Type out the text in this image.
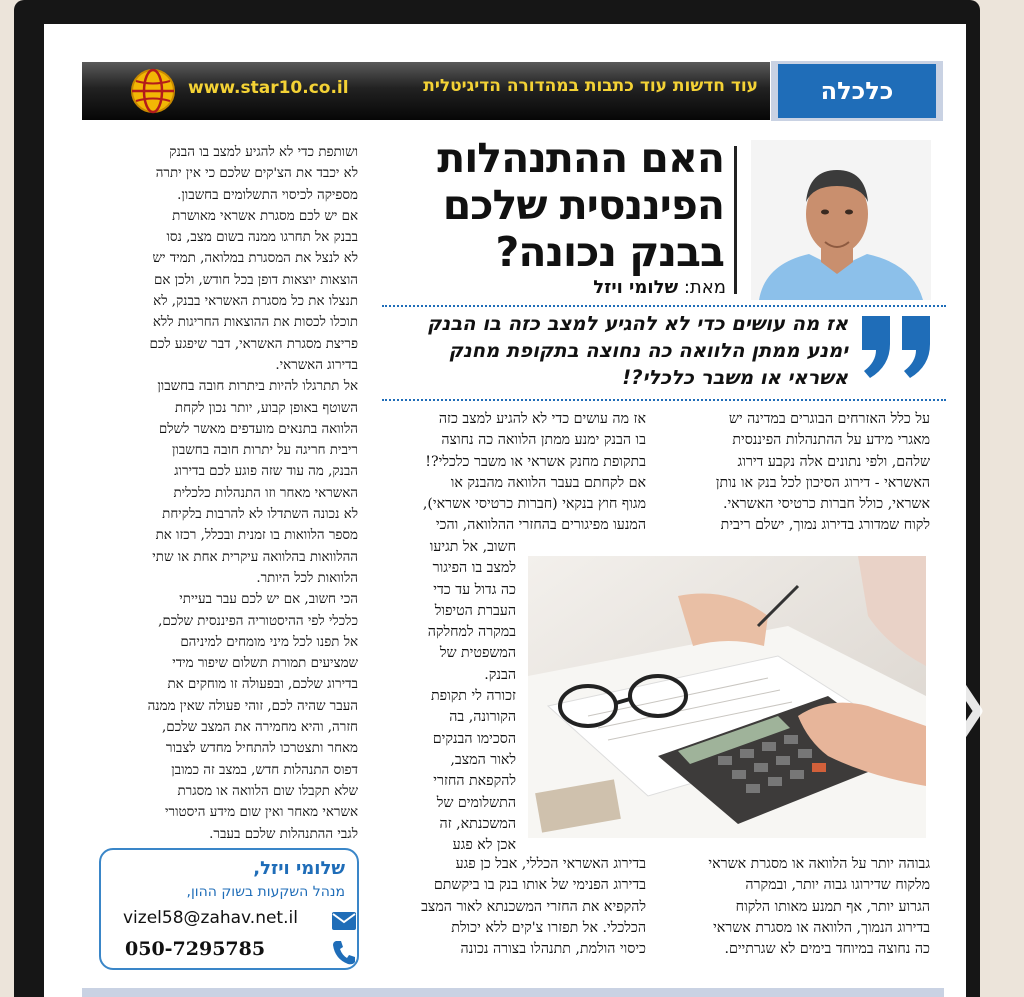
כלכלה
עוד חדשות עוד כתבות במהדורה הדיגיטלית
www.star10.co.il
האם ההתנהלות
הפיננסית שלכם
בבנק נכונה?
מאת: שלומי ויזל
אז מה עושים כדי לא להגיע למצב כזה בו הבנק
ימנע ממתן הלוואה כה נחוצה בתקופת מחנק
אשראי או משבר כלכלי?!
על כלל האזרחים הבוגרים במדינה יש
מאגרי מידע על ההתנהלות הפיננסית
שלהם, ולפי נתונים אלה נקבע דירוג
האשראי - דירוג הסיכון לכל בנק או נותן
אשראי, כולל חברות כרטיסי האשראי.
לקוח שמדורג בדירוג נמוך, ישלם ריבית
אז מה עושים כדי לא להגיע למצב כזה
בו הבנק ימנע ממתן הלוואה כה נחוצה
בתקופת מחנק אשראי או משבר כלכלי?!
אם לקחתם בעבר הלוואה מהבנק או
מגוף חוץ בנקאי (חברות כרטיסי אשראי),
המנעו מפיגורים בהחזרי ההלוואה, והכי
חשוב, אל תגיעו
למצב בו הפיגור
כה גדול עד כדי
העברת הטיפול
במקרה למחלקה
המשפטית של
הבנק.
זכורה לי תקופת
הקורונה, בה
הסכימו הבנקים
לאור המצב,
להקפאת החזרי
התשלומים של
המשכנתא, זה
אכן לא פגע
גבוהה יותר על הלוואה או מסגרת אשראי
מלקוח שדירוגו גבוה יותר, ובמקרה
הגרוע יותר, אף תמנע מאותו הלקוח
בדירוג הנמוך, הלוואה או מסגרת אשראי
כה נחוצה במיוחד בימים לא שגרתיים.
בדירוג האשראי הכללי, אבל כן פגע
בדירוג הפנימי של אותו בנק בו ביקשתם
להקפיא את החזרי המשכנתא לאור המצב
הכלכלי. אל תפזרו צ'קים ללא יכולת
כיסוי הולמת, תתנהלו בצורה נכונה
ושותפת כדי לא להגיע למצב בו הבנק
לא יכבד את הצ'קים שלכם כי אין יתרה
מספיקה לכיסוי התשלומים בחשבון.
אם יש לכם מסגרת אשראי מאושרת
בבנק אל תחרגו ממנה בשום מצב, נסו
לא לנצל את המסגרת במלואה, תמיד יש
הוצאות יוצאות דופן בכל חודש, ולכן אם
תנצלו את כל מסגרת האשראי בבנק, לא
תוכלו לכסות את ההוצאות החריגות ללא
פריצת מסגרת האשראי, דבר שיפגע לכם
בדירוג האשראי.
אל תתרגלו להיות ביתרות חובה בחשבון
השוטף באופן קבוע, יותר נכון לקחת
הלוואה בתנאים מועדפים מאשר לשלם
ריבית חריגה על יתרות חובה בחשבון
הבנק, מה עוד שזה פוגע לכם בדירוג
האשראי מאחר וזו התנהלות כלכלית
לא נכונה השתדלו לא להרבות בלקיחת
מספר הלוואות בו זמנית ובכלל, רכזו את
ההלוואות בהלוואה עיקרית אחת או שתי
הלוואות לכל היותר.
הכי חשוב, אם יש לכם עבר בעייתי
כלכלי לפי ההיסטוריה הפיננסית שלכם,
אל תפנו לכל מיני מומחים למיניהם
שמציעים תמורת תשלום שיפור מידי
בדירוג שלכם, ובפעולה זו מוחקים את
העבר שהיה לכם, זוהי פעולה שאין ממנה
חזרה, והיא מחמירה את המצב שלכם,
מאחר ותצטרכו להתחיל מחדש לצבור
דפוס התנהלות חדש, במצב זה כמובן
שלא תקבלו שום הלוואה או מסגרת
אשראי מאחר ואין שום מידע היסטורי
לגבי ההתנהלות שלכם בעבר.
שלומי ויזל,
מנהל השקעות בשוק ההון,
vizel58@zahav.net.il
050-7295785
